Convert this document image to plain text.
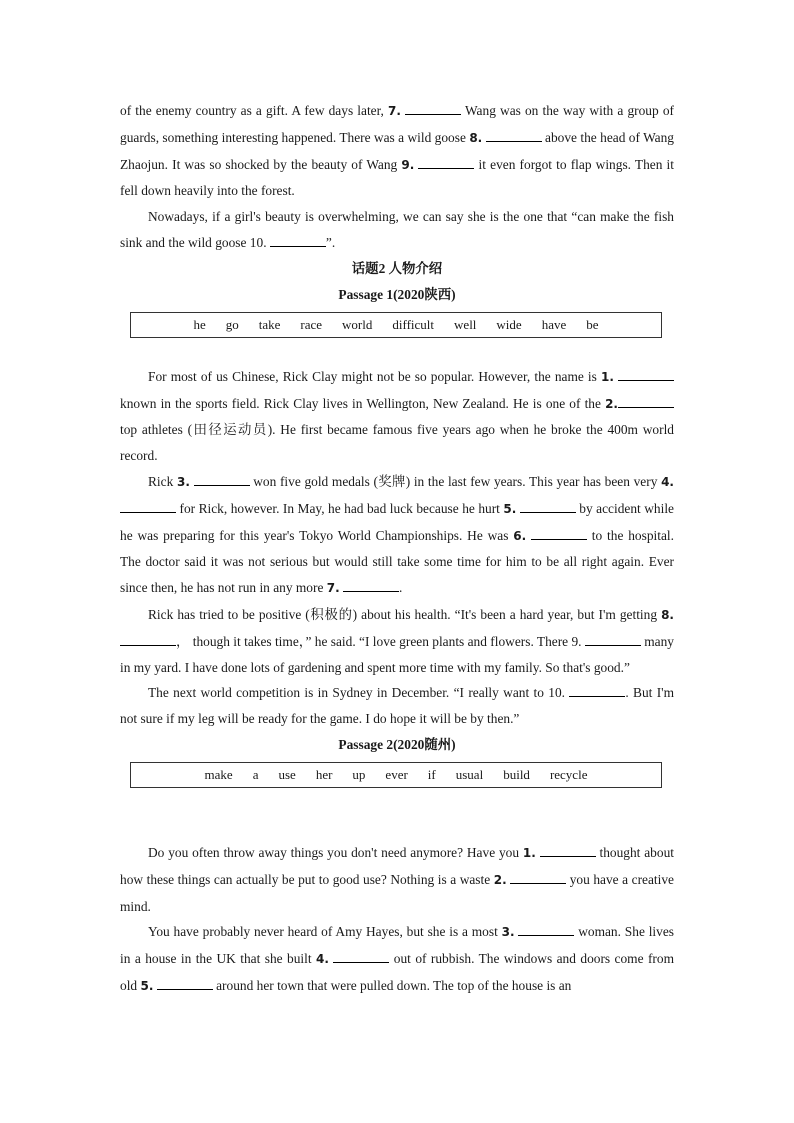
of the enemy country as a gift. A few days later, 7.	Wang was on the way with a group of guards, something interesting happened. There was a wild goose 8.	above the head of Wang Zhaojun. It was so shocked by the beauty of Wang 9.	it even forgot to flap wings. Then it fell down heavily into the forest.

Nowadays, if a girl's beauty is overwhelming, we can say she is the one that “can make the fish sink and the wild goose 10.	”.

话题2 人物介绍

Passage 1(2020陕西)

he go take race world difficult well wide have be

For most of us Chinese, Rick Clay might not be so popular. However, the name is 1.  known in the sports field. Rick Clay lives in Wellington, New Zealand. He is one of the 2. top athletes (田径运动员). He first became famous five years ago when he broke the 400m world record.

Rick 3.	won five gold medals (奖牌) in the last few years. This year has been very 4.  for Rick, however. In May, he had bad luck because he hurt 5.	by accident while he was preparing for this year's Tokyo World Championships. He was 6.	to the hospital. The doctor said it was not serious but would still take some time for him to be all right again. Ever since then, he has not run in any more 7.	.

Rick has tried to be positive (积极的) about his health. “It's been a hard year, but I'm getting 8. ， though it takes time，” he said. “I love green plants and flowers. There 9.	many in my yard. I have done lots of gardening and spent more time with my family. So that's good.”

The next world competition is in Sydney in December. “I really want to 10.	. But I'm not sure if my leg will be ready for the game. I do hope it will be by then.”

Passage 2(2020随州)

make a use her up ever if usual build recycle

Do you often throw away things you don't need anymore? Have you 1.	thought about how these things can actually be put to good use? Nothing is a waste 2.	you have a creative mind.

You have probably never heard of Amy Hayes, but she is a most 3.	woman. She lives in a house in the UK that she built 4.	out of rubbish. The windows and doors come from old 5.	around her town that were pulled down. The top of the house is an
